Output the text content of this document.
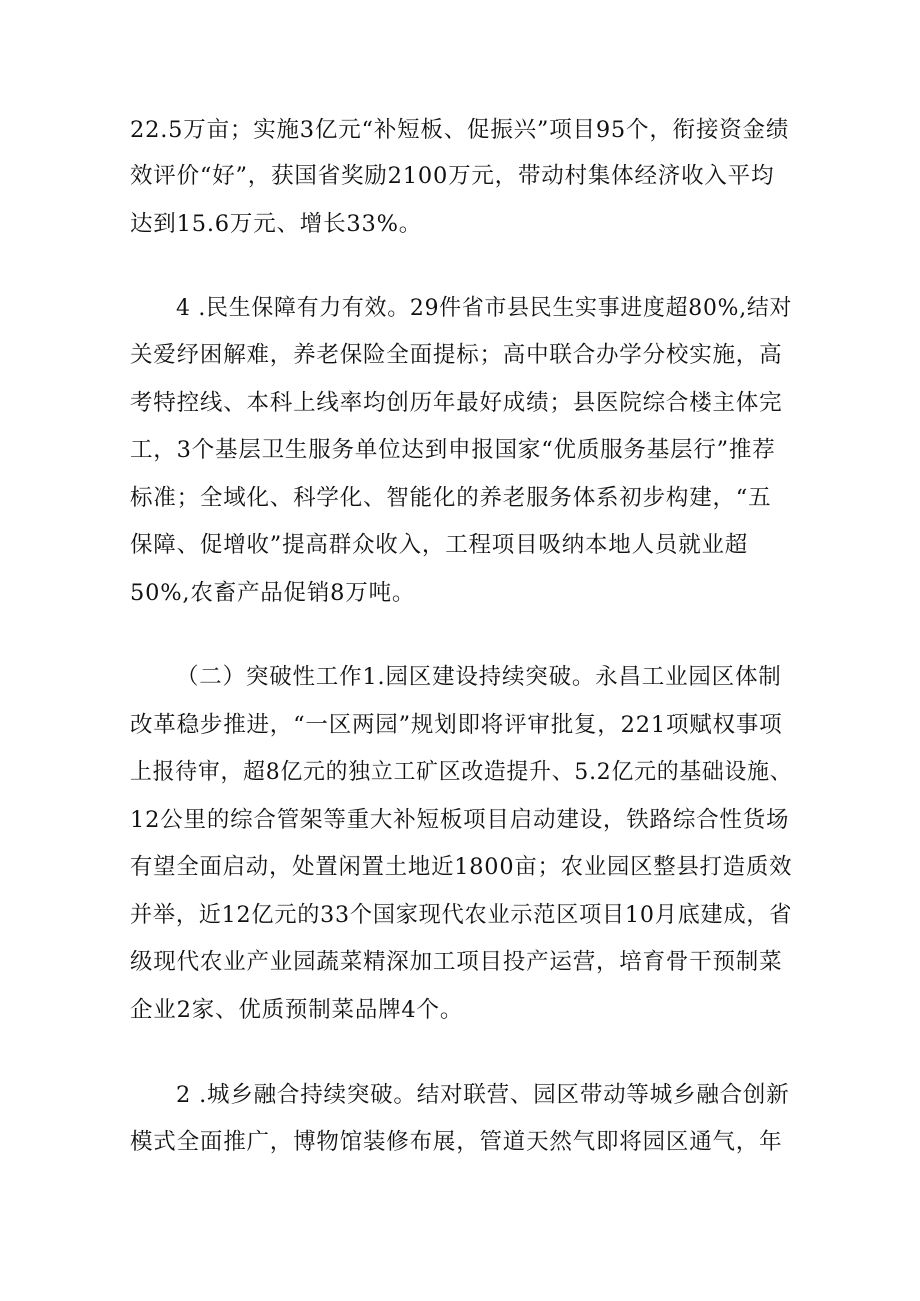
22.5万亩；实施3亿元“补短板、促振兴”项目95个，衔接资金绩
效评价“好”，获国省奖励2100万元，带动村集体经济收入平均
达到15.6万元、增长33%。
4 .民生保障有力有效。29件省市县民生实事进度超80%,结对
关爱纾困解难，养老保险全面提标；高中联合办学分校实施，高
考特控线、本科上线率均创历年最好成绩；县医院综合楼主体完
工，3个基层卫生服务单位达到申报国家“优质服务基层行”推荐
标准；全域化、科学化、智能化的养老服务体系初步构建，“五
保障、促增收”提高群众收入，工程项目吸纳本地人员就业超
50%,农畜产品促销8万吨。
（二）突破性工作1.园区建设持续突破。永昌工业园区体制
改革稳步推进，“一区两园”规划即将评审批复，221项赋权事项
上报待审，超8亿元的独立工矿区改造提升、5.2亿元的基础设施、
12公里的综合管架等重大补短板项目启动建设，铁路综合性货场
有望全面启动，处置闲置土地近1800亩；农业园区整县打造质效
并举，近12亿元的33个国家现代农业示范区项目10月底建成，省
级现代农业产业园蔬菜精深加工项目投产运营，培育骨干预制菜
企业2家、优质预制菜品牌4个。
2 .城乡融合持续突破。结对联营、园区带动等城乡融合创新
模式全面推广，博物馆装修布展，管道天然气即将园区通气，年
